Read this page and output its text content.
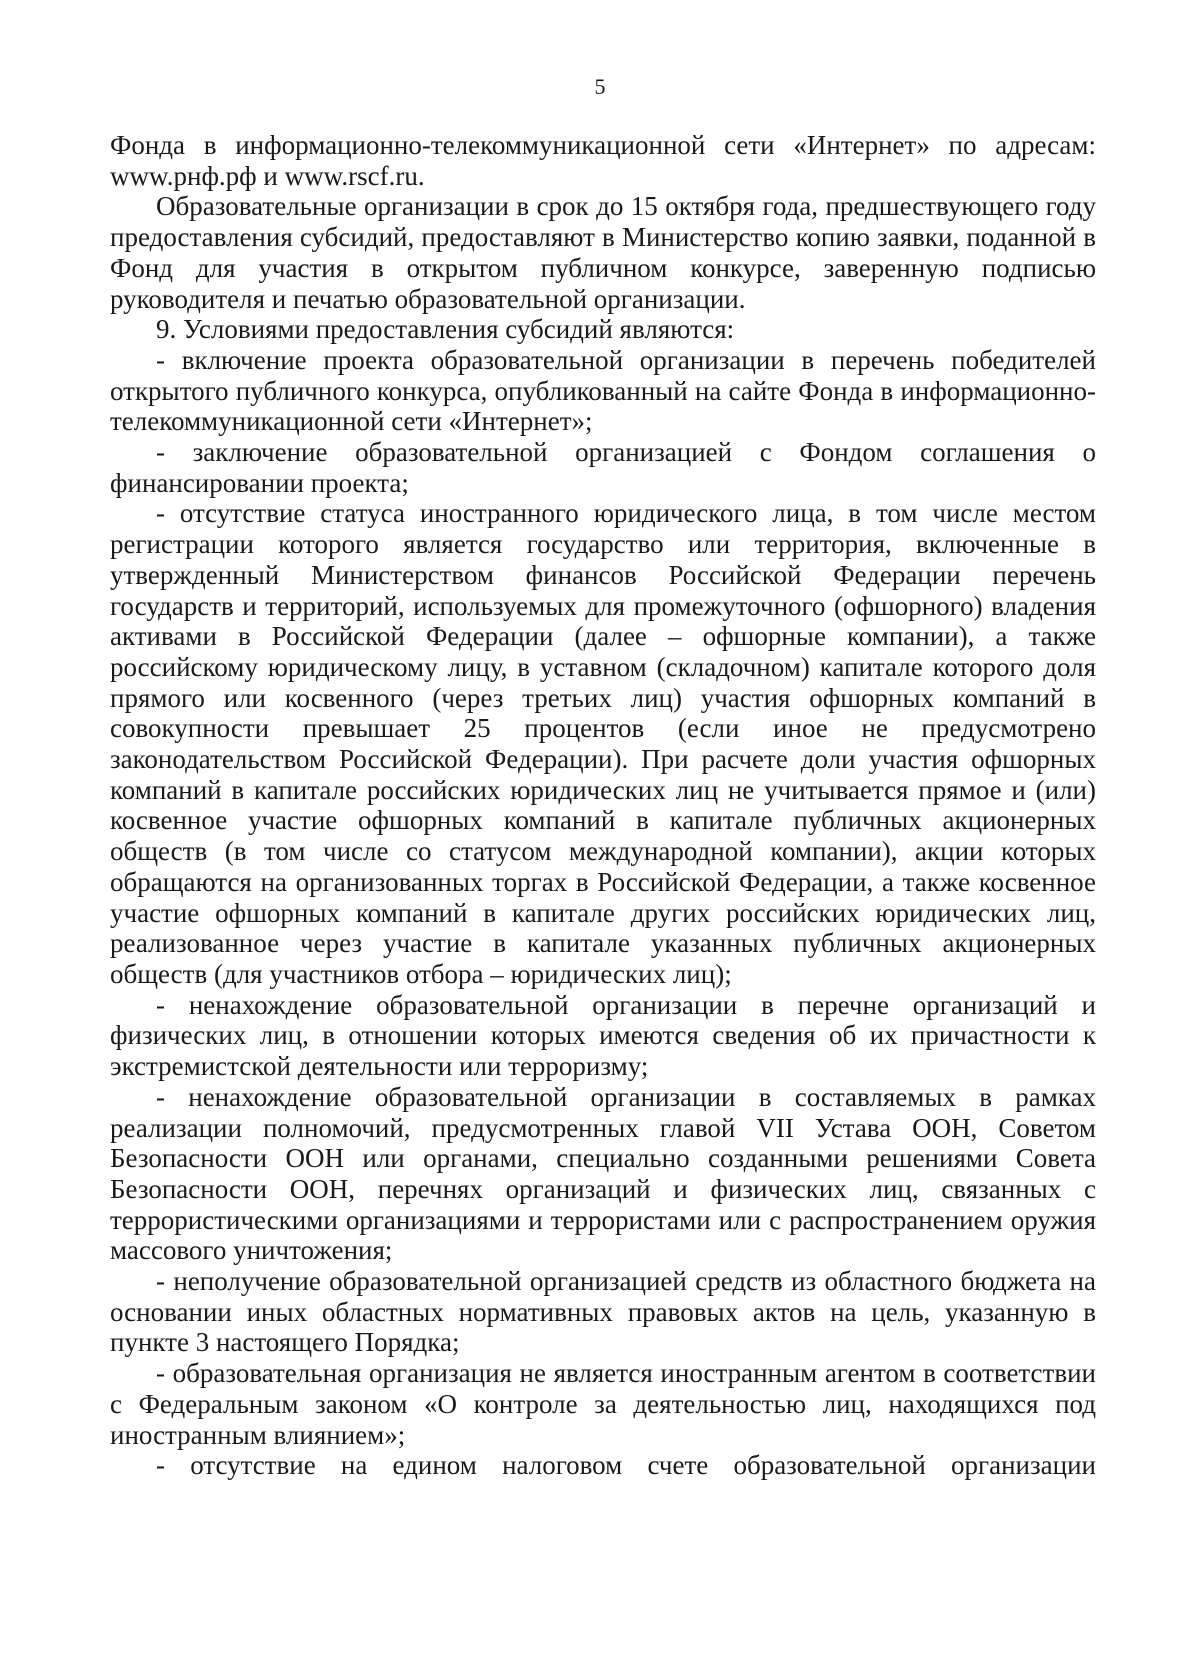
5

Фонда в информационно-телекоммуникационной сети «Интернет» по адресам: www.рнф.рф и www.rscf.ru.

Образовательные организации в срок до 15 октября года, предшествующего году предоставления субсидий, предоставляют в Министерство копию заявки, поданной в Фонд для участия в открытом публичном конкурсе, заверенную подписью руководителя и печатью образовательной организации.

9. Условиями предоставления субсидий являются:

- включение проекта образовательной организации в перечень победителей открытого публичного конкурса, опубликованный на сайте Фонда в информационно-телекоммуникационной сети «Интернет»;

- заключение образовательной организацией с Фондом соглашения о финансировании проекта;

- отсутствие статуса иностранного юридического лица, в том числе местом регистрации которого является государство или территория, включенные в утвержденный Министерством финансов Российской Федерации перечень государств и территорий, используемых для промежуточного (офшорного) владения активами в Российской Федерации (далее – офшорные компании), а также российскому юридическому лицу, в уставном (складочном) капитале которого доля прямого или косвенного (через третьих лиц) участия офшорных компаний в совокупности превышает 25 процентов (если иное не предусмотрено законодательством Российской Федерации). При расчете доли участия офшорных компаний в капитале российских юридических лиц не учитывается прямое и (или) косвенное участие офшорных компаний в капитале публичных акционерных обществ (в том числе со статусом международной компании), акции которых обращаются на организованных торгах в Российской Федерации, а также косвенное участие офшорных компаний в капитале других российских юридических лиц, реализованное через участие в капитале указанных публичных акционерных обществ (для участников отбора – юридических лиц);

- ненахождение образовательной организации в перечне организаций и физических лиц, в отношении которых имеются сведения об их причастности к экстремистской деятельности или терроризму;

- ненахождение образовательной организации в составляемых в рамках реализации полномочий, предусмотренных главой VII Устава ООН, Советом Безопасности ООН или органами, специально созданными решениями Совета Безопасности ООН, перечнях организаций и физических лиц, связанных с террористическими организациями и террористами или с распространением оружия массового уничтожения;

- неполучение образовательной организацией средств из областного бюджета на основании иных областных нормативных правовых актов на цель, указанную в пункте 3 настоящего Порядка;

- образовательная организация не является иностранным агентом в соответствии с Федеральным законом «О контроле за деятельностью лиц, находящихся под иностранным влиянием»;

- отсутствие на едином налоговом счете образовательной организации
